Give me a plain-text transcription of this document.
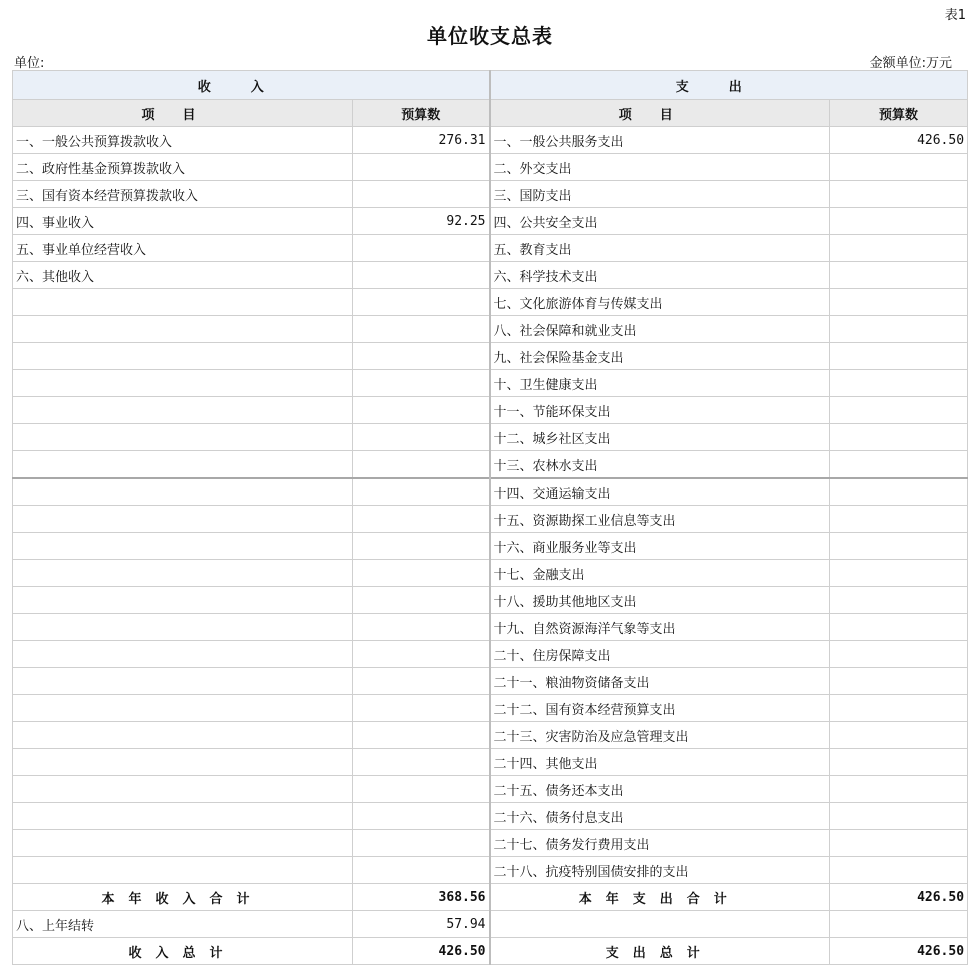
表1
单位收支总表
单位:	金额单位:万元
收入		支出	
项目	预算数	项目	预算数
一、一般公共预算拨款收入	276.31	一、一般公共服务支出	426.50
二、政府性基金预算拨款收入		二、外交支出	
三、国有资本经营预算拨款收入		三、国防支出	
四、事业收入	92.25	四、公共安全支出	
五、事业单位经营收入		五、教育支出	
六、其他收入		六、科学技术支出	
		七、文化旅游体育与传媒支出	
		八、社会保障和就业支出	
		九、社会保险基金支出	
		十、卫生健康支出	
		十一、节能环保支出	
		十二、城乡社区支出	
		十三、农林水支出	
		十四、交通运输支出	
		十五、资源勘探工业信息等支出	
		十六、商业服务业等支出	
		十七、金融支出	
		十八、援助其他地区支出	
		十九、自然资源海洋气象等支出	
		二十、住房保障支出	
		二十一、粮油物资储备支出	
		二十二、国有资本经营预算支出	
		二十三、灾害防治及应急管理支出	
		二十四、其他支出	
		二十五、债务还本支出	
		二十六、债务付息支出	
		二十七、债务发行费用支出	
		二十八、抗疫特别国债安排的支出	
本年收入合计	368.56	本年支出合计	426.50
八、上年结转	57.94		
收入总计	426.50	支出总计	426.50
